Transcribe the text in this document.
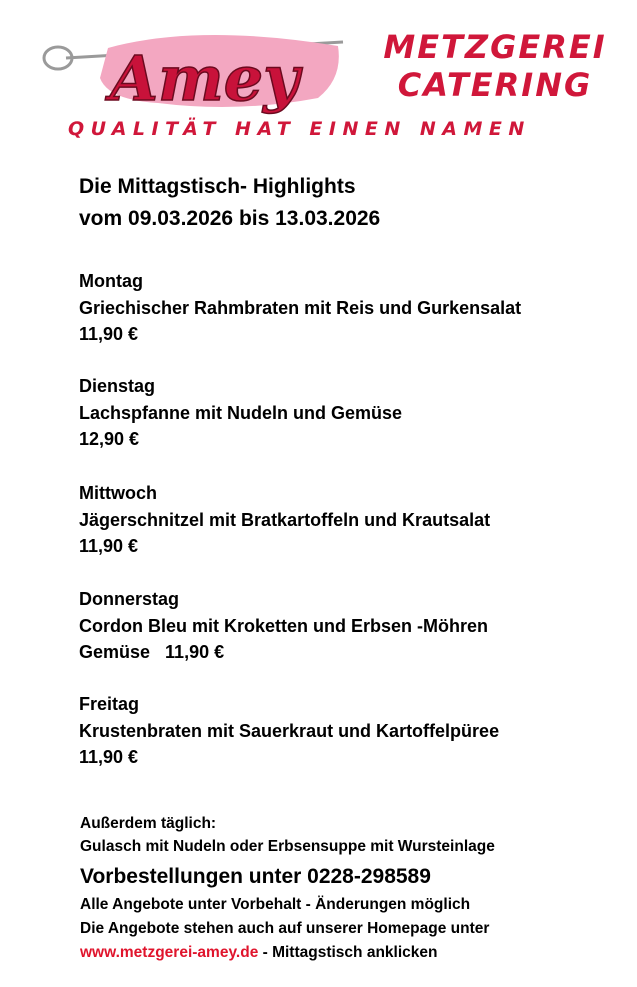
Amey	METZGEREI
CATERING
QUALITÄT HAT EINEN NAMEN
Die Mittagstisch- Highlights
vom 09.03.2026 bis 13.03.2026
Montag
Griechischer Rahmbraten mit Reis und Gurkensalat
11,90 €
Dienstag
Lachspfanne mit Nudeln und Gemüse
12,90 €
Mittwoch
Jägerschnitzel mit Bratkartoffeln und Krautsalat
11,90 €
Donnerstag
Cordon Bleu mit Kroketten und Erbsen -Möhren
Gemüse   11,90 €
Freitag
Krustenbraten mit Sauerkraut und Kartoffelpüree
11,90 €
Außerdem täglich:
Gulasch mit Nudeln oder Erbsensuppe mit Wursteinlage
Vorbestellungen unter 0228-298589
Alle Angebote unter Vorbehalt - Änderungen möglich
Die Angebote stehen auch auf unserer Homepage unter
www.metzgerei-amey.de - Mittagstisch anklicken
